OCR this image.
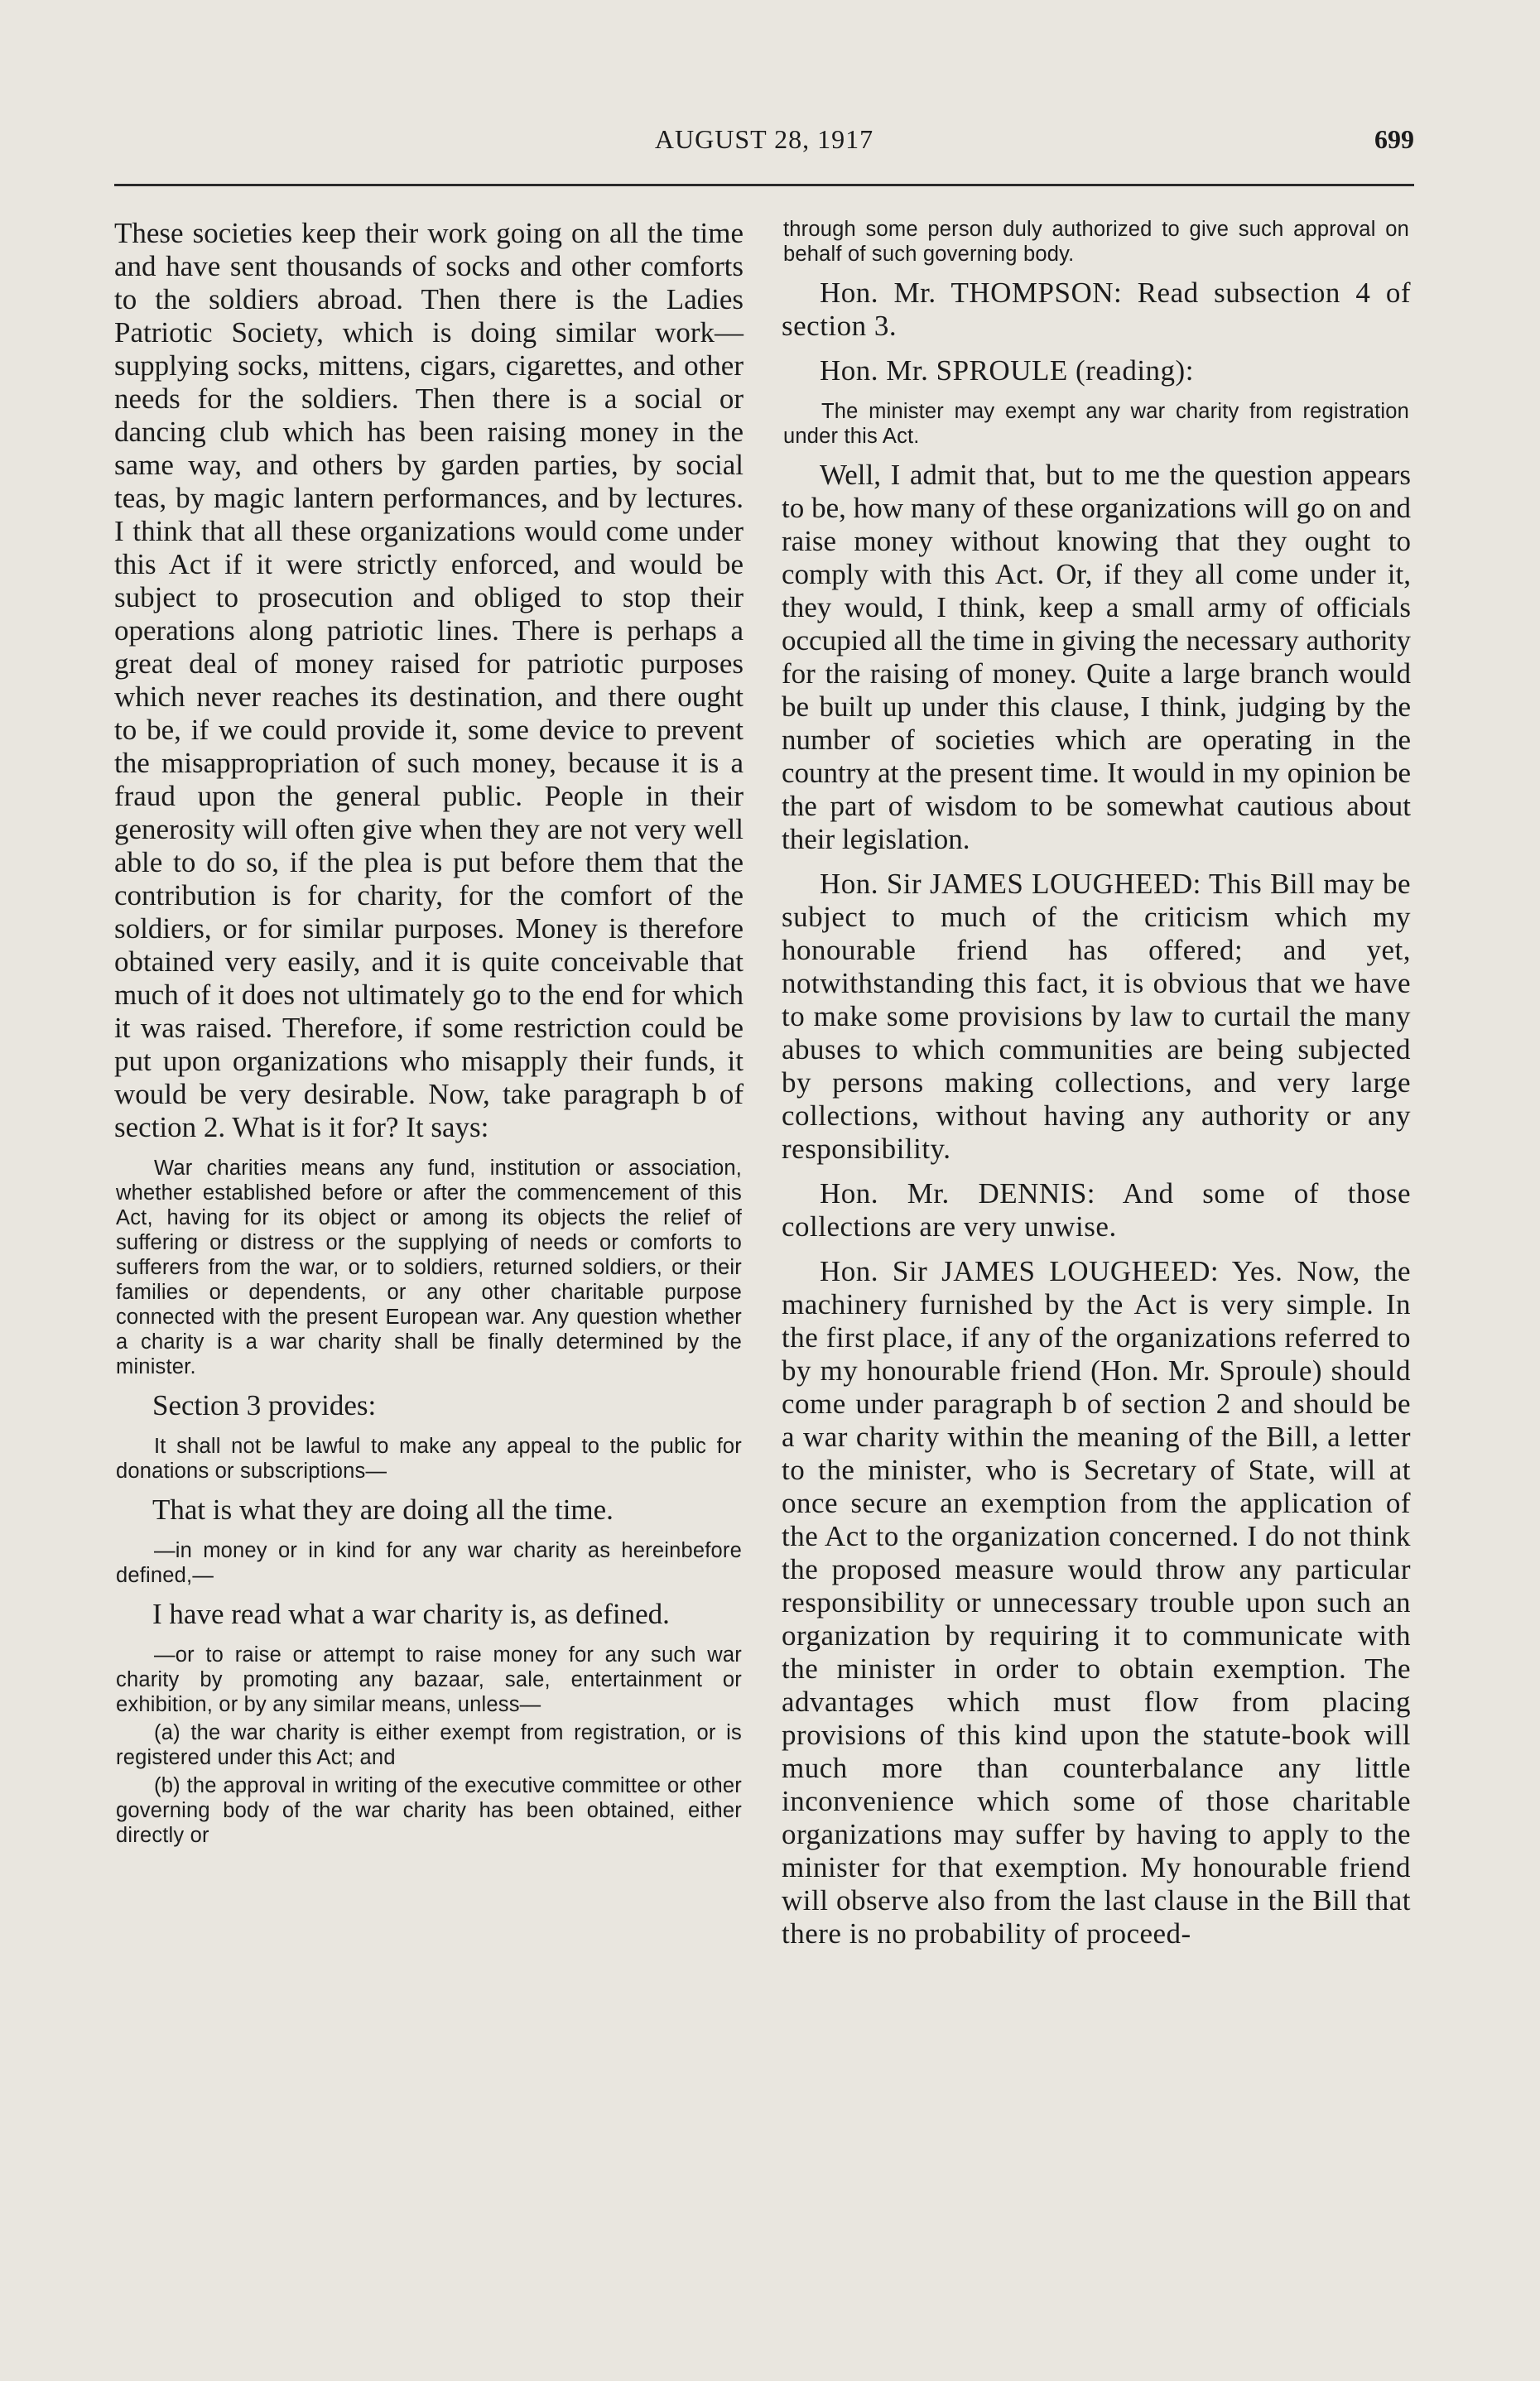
AUGUST 28, 1917	699

These societies keep their work going on all the time and have sent thousands of socks and other comforts to the soldiers abroad. Then there is the Ladies Patriotic Society, which is doing similar work— supplying socks, mittens, cigars, cigarettes, and other needs for the soldiers. Then there is a social or dancing club which has been raising money in the same way, and others by garden parties, by social teas, by magic lantern performances, and by lectures. I think that all these organizations would come under this Act if it were strictly enforced, and would be subject to prosecution and obliged to stop their operations along patriotic lines. There is perhaps a great deal of money raised for patriotic purposes which never reaches its destination, and there ought to be, if we could provide it, some device to prevent the misappropriation of such money, because it is a fraud upon the general public. People in their generosity will often give when they are not very well able to do so, if the plea is put before them that the contribution is for charity, for the comfort of the soldiers, or for similar purposes. Money is therefore obtained very easily, and it is quite conceivable that much of it does not ultimately go to the end for which it was raised. Therefore, if some restriction could be put upon organizations who misapply their funds, it would be very desirable. Now, take paragraph b of section 2. What is it for? It says:

War charities means any fund, institution or association, whether established before or after the commencement of this Act, having for its object or among its objects the relief of suffering or distress or the supplying of needs or comforts to sufferers from the war, or to soldiers, returned soldiers, or their families or dependents, or any other charitable purpose connected with the present European war. Any question whether a charity is a war charity shall be finally determined by the minister.

Section 3 provides:

It shall not be lawful to make any appeal to the public for donations or subscriptions—

That is what they are doing all the time.

—in money or in kind for any war charity as hereinbefore defined,—

I have read what a war charity is, as defined.

—or to raise or attempt to raise money for any such war charity by promoting any bazaar, sale, entertainment or exhibition, or by any similar means, unless—

(a) the war charity is either exempt from registration, or is registered under this Act; and

(b) the approval in writing of the executive committee or other governing body of the war charity has been obtained, either directly or

through some person duly authorized to give such approval on behalf of such governing body.

Hon. Mr. THOMPSON: Read subsection 4 of section 3.

Hon. Mr. SPROULE (reading):

The minister may exempt any war charity from registration under this Act.

Well, I admit that, but to me the question appears to be, how many of these organizations will go on and raise money without knowing that they ought to comply with this Act. Or, if they all come under it, they would, I think, keep a small army of officials occupied all the time in giving the necessary authority for the raising of money. Quite a large branch would be built up under this clause, I think, judging by the number of societies which are operating in the country at the present time. It would in my opinion be the part of wisdom to be somewhat cautious about their legislation.

Hon. Sir JAMES LOUGHEED: This Bill may be subject to much of the criticism which my honourable friend has offered; and yet, notwithstanding this fact, it is obvious that we have to make some provisions by law to curtail the many abuses to which communities are being subjected by persons making collections, and very large collections, without having any authority or any responsibility.

Hon. Mr. DENNIS: And some of those collections are very unwise.

Hon. Sir JAMES LOUGHEED: Yes. Now, the machinery furnished by the Act is very simple. In the first place, if any of the organizations referred to by my honourable friend (Hon. Mr. Sproule) should come under paragraph b of section 2 and should be a war charity within the meaning of the Bill, a letter to the minister, who is Secretary of State, will at once secure an exemption from the application of the Act to the organization concerned. I do not think the proposed measure would throw any particular responsibility or unnecessary trouble upon such an organization by requiring it to communicate with the minister in order to obtain exemption. The advantages which must flow from placing provisions of this kind upon the statute-book will much more than counterbalance any little inconvenience which some of those charitable organizations may suffer by having to apply to the minister for that exemption. My honourable friend will observe also from the last clause in the Bill that there is no probability of proceed-
